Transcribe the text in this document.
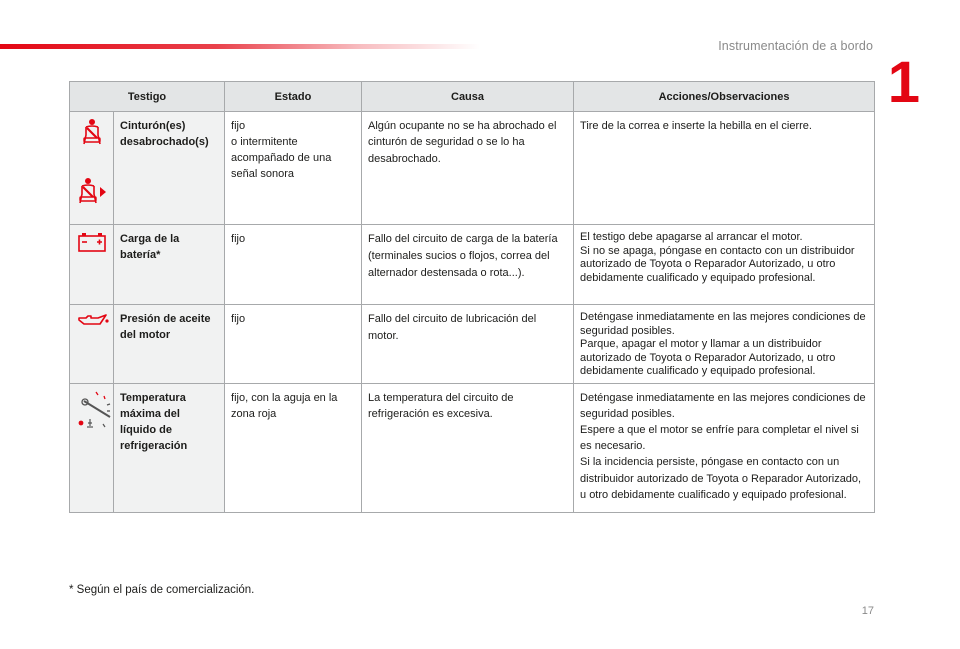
Instrumentación de a bordo
1
Testigo		Estado	Causa	Acciones/Observaciones

	Cinturón(es) desabrochado(s)	fijo
o intermitente
acompañado de una señal sonora	Algún ocupante no se ha abrochado el cinturón de seguridad o se lo ha desabrochado.	Tire de la correa e inserte la hebilla en el cierre.
	Carga de la batería*	fijo	Fallo del circuito de carga de la batería (terminales sucios o flojos, correa del alternador destensada o rota...).	El testigo debe apagarse al arrancar el motor.
Si no se apaga, póngase en contacto con un distribuidor autorizado de Toyota o Reparador Autorizado, u otro debidamente cualificado y equipado profesional.

	Presión de aceite del motor	fijo	Fallo del circuito de lubricación del motor.	Deténgase inmediatamente en las mejores condiciones de seguridad posibles.
Parque, apagar el motor y llamar a un distribuidor autorizado de Toyota o Reparador Autorizado, u otro debidamente cualificado y equipado profesional.

	Temperatura máxima del líquido de refrigeración	fijo, con la aguja en la zona roja	La temperatura del circuito de refrigeración es excesiva.	Deténgase inmediatamente en las mejores condiciones de seguridad posibles.
Espere a que el motor se enfríe para completar el nivel si es necesario.
Si la incidencia persiste, póngase en contacto con un distribuidor autorizado de Toyota o Reparador Autorizado, u otro debidamente cualificado y equipado profesional.
* Según el país de comercialización.
17
